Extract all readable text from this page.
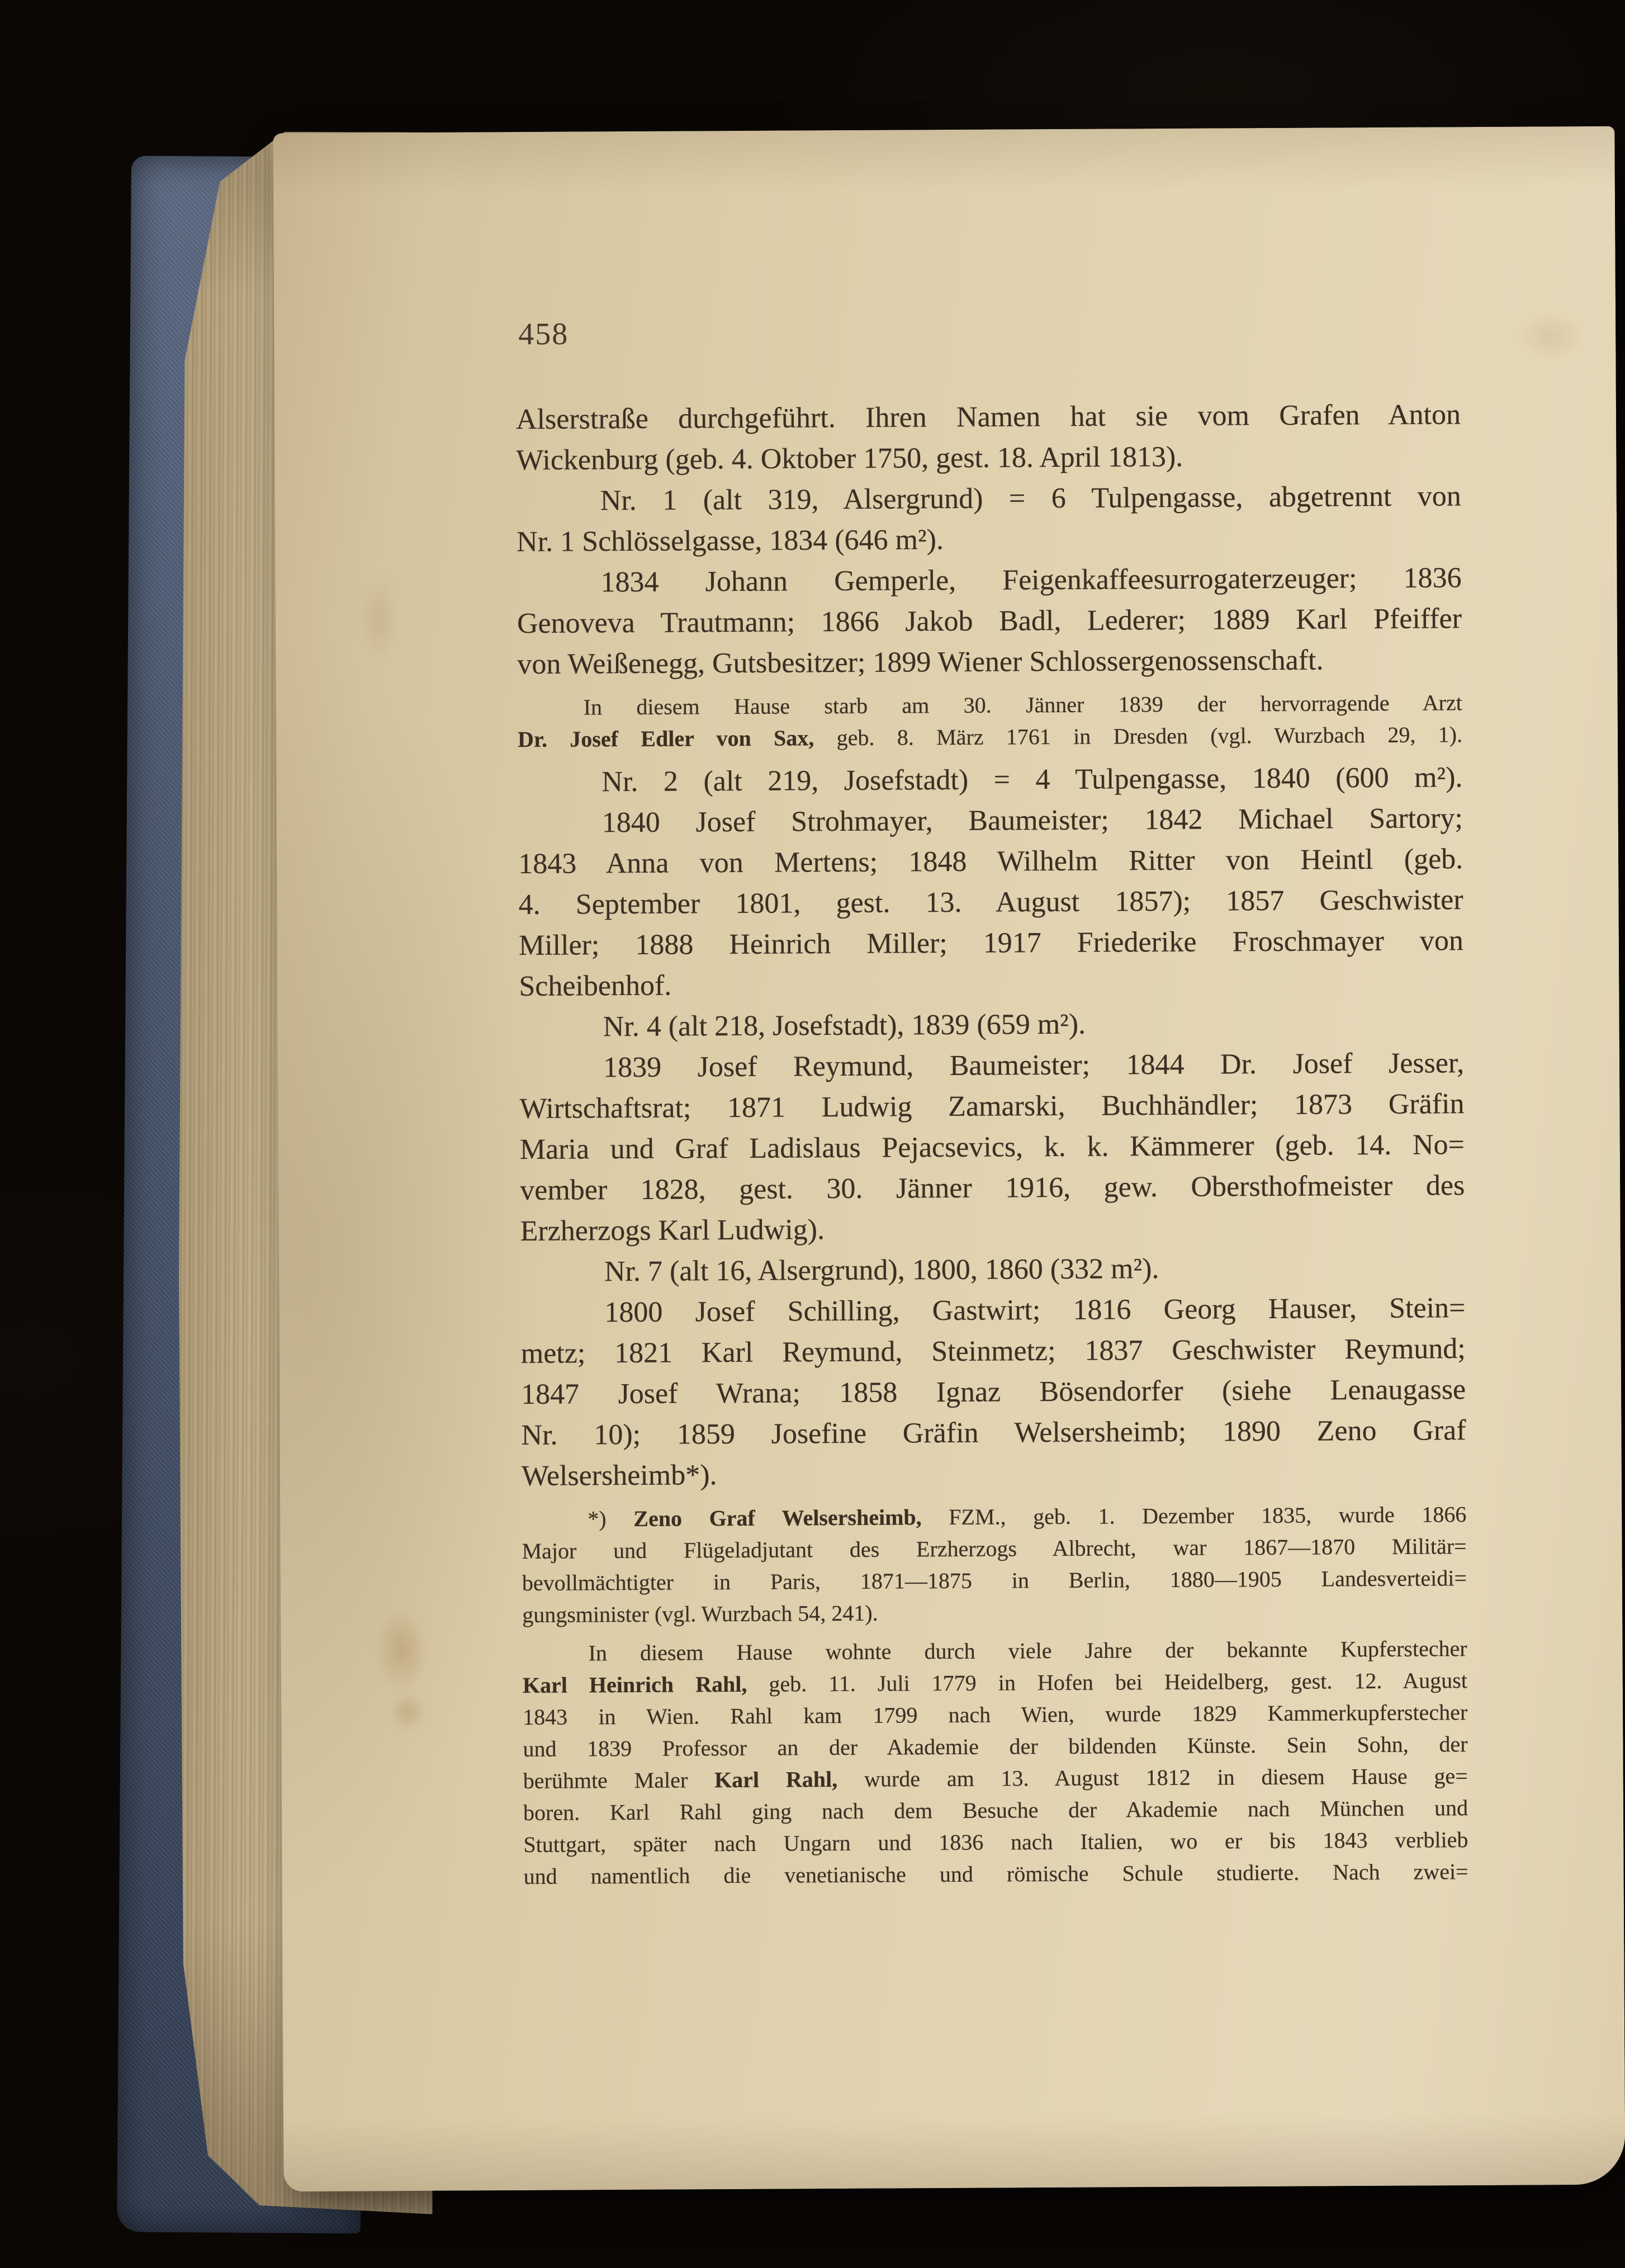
458
Alserstraße durchgeführt. Ihren Namen hat sie vom Grafen Anton
Wickenburg (geb. 4. Oktober 1750, gest. 18. April 1813).
Nr. 1 (alt 319, Alsergrund) = 6 Tulpengasse, abgetrennt von
Nr. 1 Schlösselgasse, 1834 (646 m²).
1834 Johann Gemperle, Feigenkaffeesurrogaterzeuger; 1836
Genoveva Trautmann; 1866 Jakob Badl, Lederer; 1889 Karl Pfeiffer
von Weißenegg, Gutsbesitzer; 1899 Wiener Schlossergenossenschaft.
In diesem Hause starb am 30. Jänner 1839 der hervorragende Arzt
Dr. Josef Edler von Sax, geb. 8. März 1761 in Dresden (vgl. Wurzbach 29, 1).
Nr. 2 (alt 219, Josefstadt) = 4 Tulpengasse, 1840 (600 m²).
1840 Josef Strohmayer, Baumeister; 1842 Michael Sartory;
1843 Anna von Mertens; 1848 Wilhelm Ritter von Heintl (geb.
4. September 1801, gest. 13. August 1857); 1857 Geschwister
Miller; 1888 Heinrich Miller; 1917 Friederike Froschmayer von
Scheibenhof.
Nr. 4 (alt 218, Josefstadt), 1839 (659 m²).
1839 Josef Reymund, Baumeister; 1844 Dr. Josef Jesser,
Wirtschaftsrat; 1871 Ludwig Zamarski, Buchhändler; 1873 Gräfin
Maria und Graf Ladislaus Pejacsevics, k. k. Kämmerer (geb. 14. No=
vember 1828, gest. 30. Jänner 1916, gew. Obersthofmeister des
Erzherzogs Karl Ludwig).
Nr. 7 (alt 16, Alsergrund), 1800, 1860 (332 m²).
1800 Josef Schilling, Gastwirt; 1816 Georg Hauser, Stein=
metz; 1821 Karl Reymund, Steinmetz; 1837 Geschwister Reymund;
1847 Josef Wrana; 1858 Ignaz Bösendorfer (siehe Lenaugasse
Nr. 10); 1859 Josefine Gräfin Welsersheimb; 1890 Zeno Graf
Welsersheimb*).
*) Zeno Graf Welsersheimb, FZM., geb. 1. Dezember 1835, wurde 1866
Major und Flügeladjutant des Erzherzogs Albrecht, war 1867—1870 Militär=
bevollmächtigter in Paris, 1871—1875 in Berlin, 1880—1905 Landesverteidi=
gungsminister (vgl. Wurzbach 54, 241).
In diesem Hause wohnte durch viele Jahre der bekannte Kupferstecher
Karl Heinrich Rahl, geb. 11. Juli 1779 in Hofen bei Heidelberg, gest. 12. August
1843 in Wien. Rahl kam 1799 nach Wien, wurde 1829 Kammerkupferstecher
und 1839 Professor an der Akademie der bildenden Künste. Sein Sohn, der
berühmte Maler Karl Rahl, wurde am 13. August 1812 in diesem Hause ge=
boren. Karl Rahl ging nach dem Besuche der Akademie nach München und
Stuttgart, später nach Ungarn und 1836 nach Italien, wo er bis 1843 verblieb
und namentlich die venetianische und römische Schule studierte. Nach zwei=
